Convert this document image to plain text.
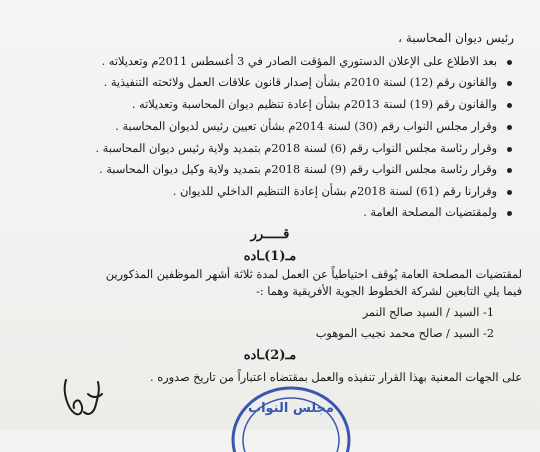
رئيس ديوان المحاسبة ،
بعد الاطلاع على الإعلان الدستوري المؤقت الصادر في 3 أغسطس 2011م وتعديلاته .
والقانون رقم (12) لسنة 2010م بشأن إصدار قانون علاقات العمل ولائحته التنفيذية .
والقانون رقم (19) لسنة 2013م بشأن إعادة تنظيم ديوان المحاسبة وتعديلاته .
وقرار مجلس النواب رقم (30) لسنة 2014م بشأن تعيين رئيس لديوان المحاسبة .
وقرار رئاسة مجلس النواب رقم (6) لسنة 2018م بتمديد ولاية رئيس ديوان المحاسبة .
وقرار رئاسة مجلس النواب رقم (9) لسنة 2018م بتمديد ولاية وكيل ديوان المحاسبة .
وقرارنا رقم (61) لسنة 2018م بشأن إعادة التنظيم الداخلي للديوان .
ولمقتضيات المصلحة العامة .
قـــــرر
مـ(1)ـاده
لمقتضيات المصلحة العامة يُوقف احتياطياً عن العمل لمدة ثلاثة أشهر الموظفين المذكورين
فيما يلي التابعين لشركة الخطوط الجوية الأفريقية وهما :-
1- السيد / السيد صالح النمر
2- السيد / صالح محمد نجيب الموهوب
مـ(2)ـاده
على الجهات المعنية بهذا القرار تنفيذه والعمل بمقتضاه اعتباراً من تاريخ صدوره .
مجلس النواب
